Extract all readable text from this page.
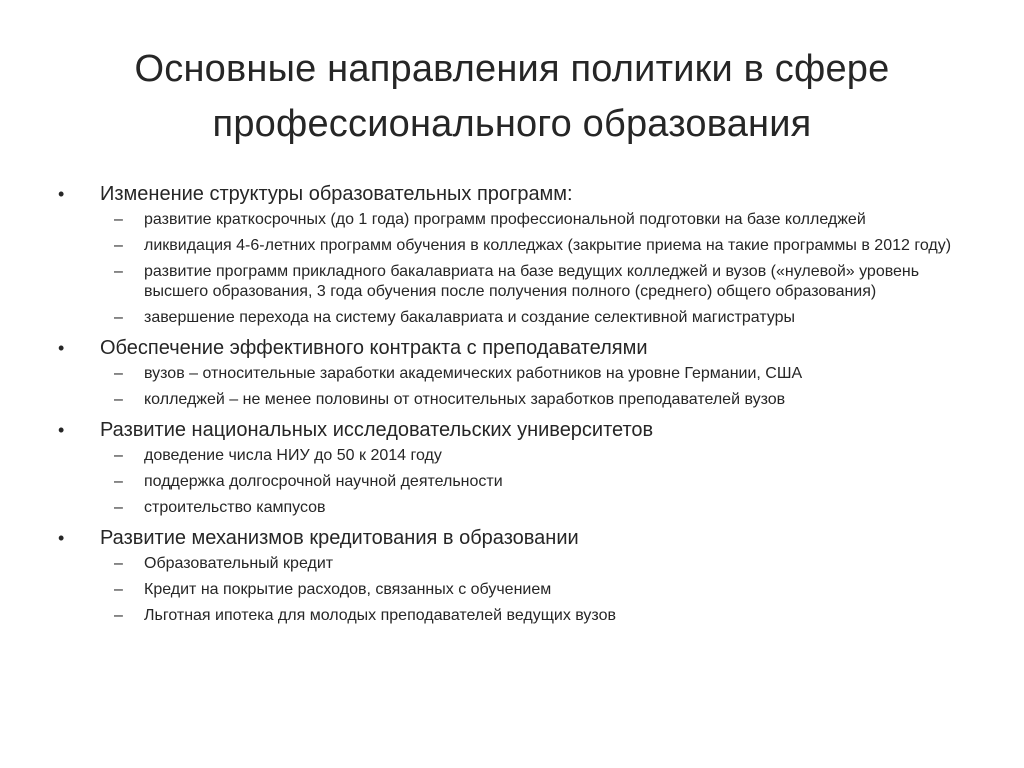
Основные направления политики в сфере
профессионального образования
•	Изменение структуры образовательных программ:
–	развитие краткосрочных (до 1 года) программ профессиональной подготовки на базе колледжей
–	ликвидация 4-6-летних программ обучения в колледжах (закрытие приема на такие программы в 2012 году)
–	развитие программ прикладного бакалавриата на базе ведущих колледжей и вузов («нулевой» уровень высшего образования, 3 года обучения после получения полного (среднего) общего образования)
–	завершение перехода на систему бакалавриата и создание селективной магистратуры
•	Обеспечение эффективного контракта с преподавателями
–	вузов – относительные заработки академических работников на уровне Германии, США
–	колледжей – не менее половины от относительных заработков преподавателей вузов
•	Развитие национальных исследовательских университетов
–	доведение числа НИУ до 50 к 2014 году
–	поддержка долгосрочной научной деятельности
–	строительство кампусов
•	Развитие механизмов кредитования в образовании
–	Образовательный кредит
–	Кредит на покрытие расходов, связанных с обучением
–	Льготная ипотека для молодых преподавателей ведущих вузов
